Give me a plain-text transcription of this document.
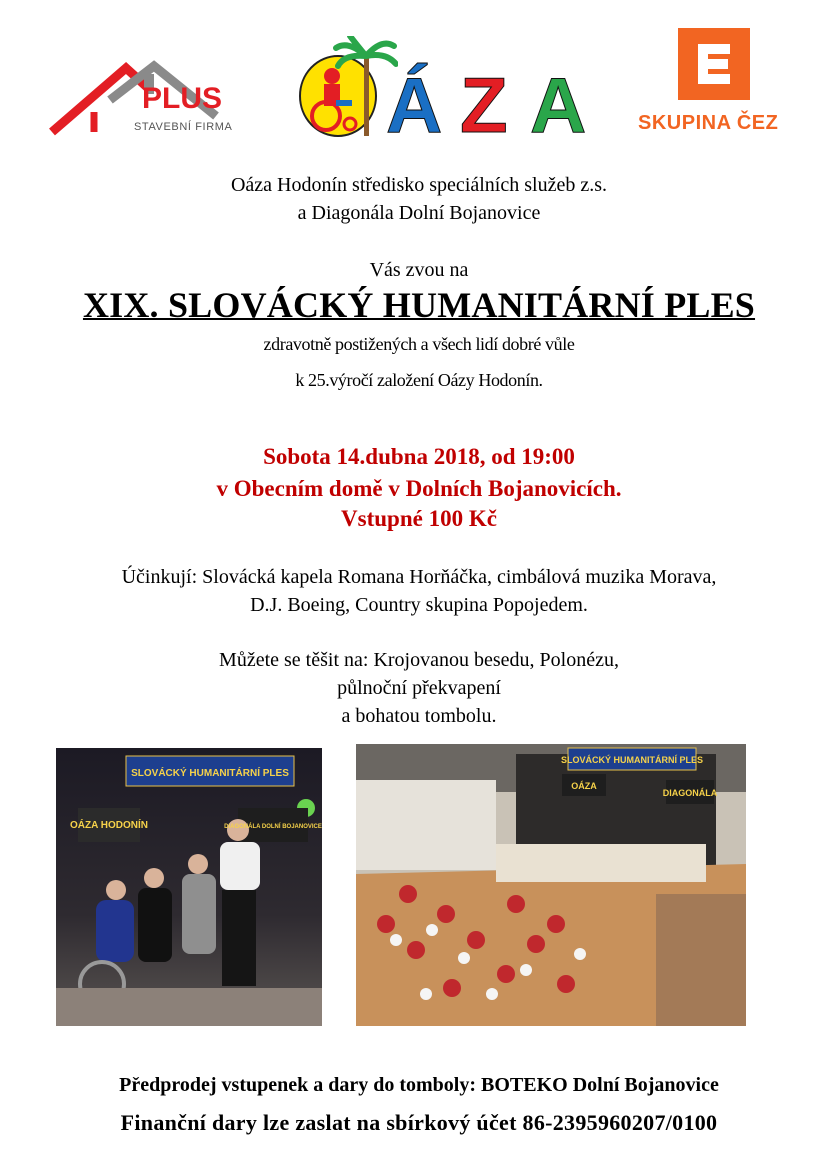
PLUS
STAVEBNÍ FIRMA Á Z A	SKUPINA ČEZ
Oáza Hodonín středisko speciálních služeb z.s.
a Diagonála Dolní Bojanovice
Vás zvou na
XIX. SLOVÁCKÝ HUMANITÁRNÍ PLES
zdravotně postižených a všech lidí dobré vůle
k 25.výročí založení Oázy Hodonín.
Sobota 14.dubna 2018, od 19:00
v Obecním domě v Dolních Bojanovicích.
Vstupné 100 Kč
Účinkují: Slovácká kapela Romana Horňáčka, cimbálová muzika Morava,
D.J. Boeing, Country skupina Popojedem.
Můžete se těšit na: Krojovanou besedu, Polonézu,
půlnoční překvapení
a bohatou tombolu.
SLOVÁCKÝ HUMANITÁRNÍ PLES
OÁZA HODONÍN	DIAGONÁLA DOLNÍ BOJANOVICE
SLOVÁCKÝ HUMANITÁRNÍ PLES
OÁZA
DIAGONÁLA
Předprodej vstupenek a dary do tomboly: BOTEKO Dolní Bojanovice
Finanční dary lze zaslat na sbírkový účet 86-2395960207/0100
